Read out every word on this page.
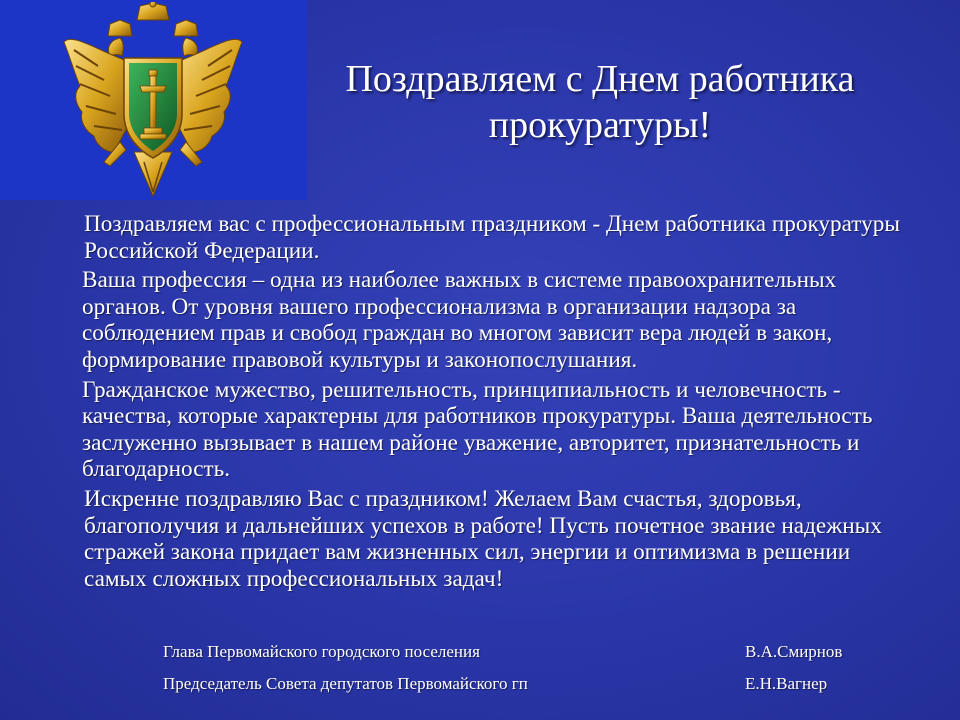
Поздравляем с Днем работника
прокуратуры!

Поздравляем вас с профессиональным праздником - Днем работника прокуратуры Российской Федерации.

Ваша профессия – одна из наиболее важных в системе правоохранительных органов. От уровня вашего профессионализма в организации надзора за соблюдением прав и свобод граждан во многом зависит вера людей в закон, формирование правовой культуры и законопослушания.

Гражданское мужество, решительность, принципиальность и человечность - качества, которые характерны для работников прокуратуры. Ваша деятельность заслуженно вызывает в нашем районе уважение, авторитет, признательность и благодарность.

Искренне поздравляю Вас с праздником! Желаем Вам счастья, здоровья, благополучия и дальнейших успехов в работе! Пусть почетное звание надежных стражей закона придает вам жизненных сил, энергии и оптимизма в решении самых сложных профессиональных задач!

Глава Первомайского городского поселения	В.А.Смирнов
Председатель Совета депутатов Первомайского гп	Е.Н.Вагнер
